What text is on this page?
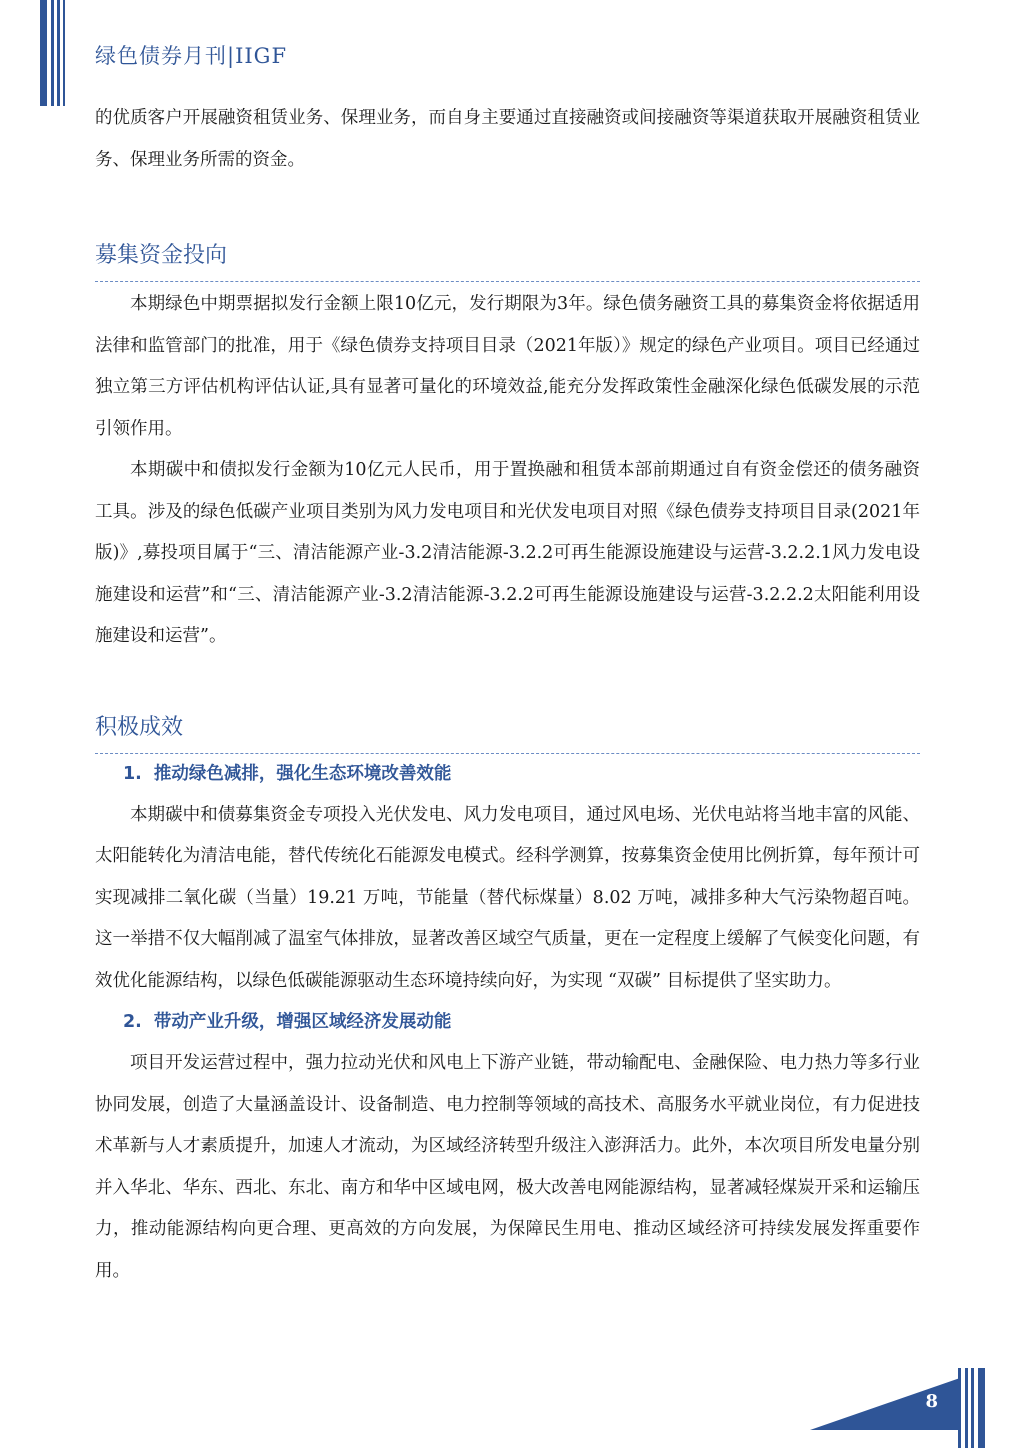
绿色债券月刊|IIGF

的优质客户开展融资租赁业务、保理业务，而自身主要通过直接融资或间接融资等渠道获取开展融资租赁业务、保理业务所需的资金。

募集资金投向

本期绿色中期票据拟发行金额上限10亿元，发行期限为3年。绿色债务融资工具的募集资金将依据适用法律和监管部门的批准，用于《绿色债券支持项目目录（2021年版）》规定的绿色产业项目。项目已经通过独立第三方评估机构评估认证,具有显著可量化的环境效益,能充分发挥政策性金融深化绿色低碳发展的示范引领作用。

本期碳中和债拟发行金额为10亿元人民币，用于置换融和租赁本部前期通过自有资金偿还的债务融资工具。涉及的绿色低碳产业项目类别为风力发电项目和光伏发电项目对照《绿色债券支持项目目录(2021年版)》,募投项目属于“三、清洁能源产业-3.2清洁能源-3.2.2可再生能源设施建设与运营-3.2.2.1风力发电设施建设和运营”和“三、清洁能源产业-3.2清洁能源-3.2.2可再生能源设施建设与运营-3.2.2.2太阳能利用设施建设和运营”。

积极成效
1. 推动绿色减排，强化生态环境改善效能

本期碳中和债募集资金专项投入光伏发电、风力发电项目，通过风电场、光伏电站将当地丰富的风能、太阳能转化为清洁电能，替代传统化石能源发电模式。经科学测算，按募集资金使用比例折算，每年预计可实现减排二氧化碳（当量）19.21 万吨，节能量（替代标煤量）8.02 万吨，减排多种大气污染物超百吨。这一举措不仅大幅削减了温室气体排放，显著改善区域空气质量，更在一定程度上缓解了气候变化问题，有效优化能源结构，以绿色低碳能源驱动生态环境持续向好，为实现 “双碳” 目标提供了坚实助力。

2. 带动产业升级，增强区域经济发展动能

项目开发运营过程中，强力拉动光伏和风电上下游产业链，带动输配电、金融保险、电力热力等多行业协同发展，创造了大量涵盖设计、设备制造、电力控制等领域的高技术、高服务水平就业岗位，有力促进技术革新与人才素质提升，加速人才流动，为区域经济转型升级注入澎湃活力。此外，本次项目所发电量分别并入华北、华东、西北、东北、南方和华中区域电网，极大改善电网能源结构，显著减轻煤炭开采和运输压力，推动能源结构向更合理、更高效的方向发展，为保障民生用电、推动区域经济可持续发展发挥重要作用。

8
